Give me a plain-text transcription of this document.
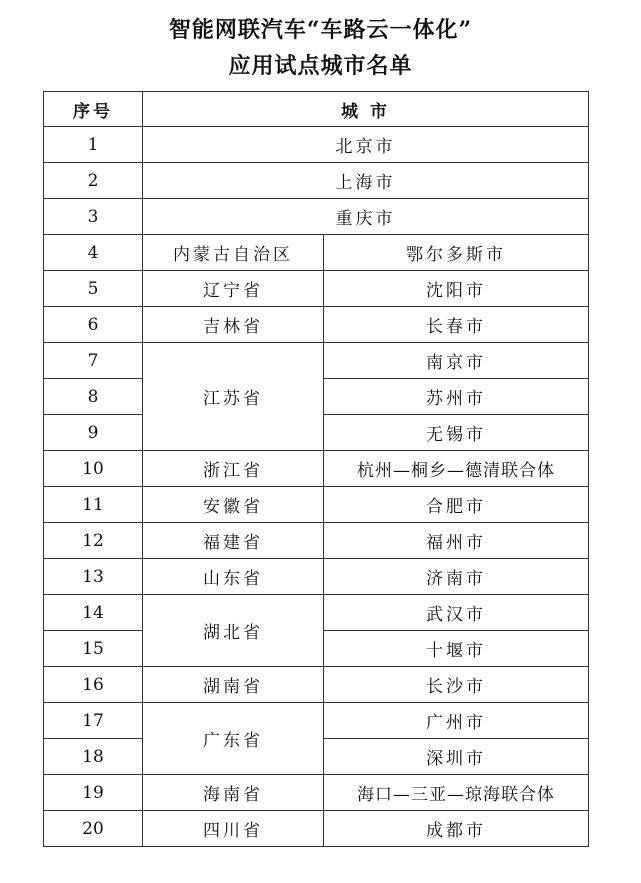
智能网联汽车“车路云一体化”
应用试点城市名单
序号	城 市	
1	北京市	
2	上海市	
3	重庆市	
4	内蒙古自治区	鄂尔多斯市
5	辽宁省	沈阳市
6	吉林省	长春市
7	江苏省	南京市
8		苏州市
9		无锡市
10	浙江省	杭州—桐乡—德清联合体
11	安徽省	合肥市
12	福建省	福州市
13	山东省	济南市
14	湖北省	武汉市
15		十堰市
16	湖南省	长沙市
17	广东省	广州市
18		深圳市
19	海南省	海口—三亚—琼海联合体
20	四川省	成都市
